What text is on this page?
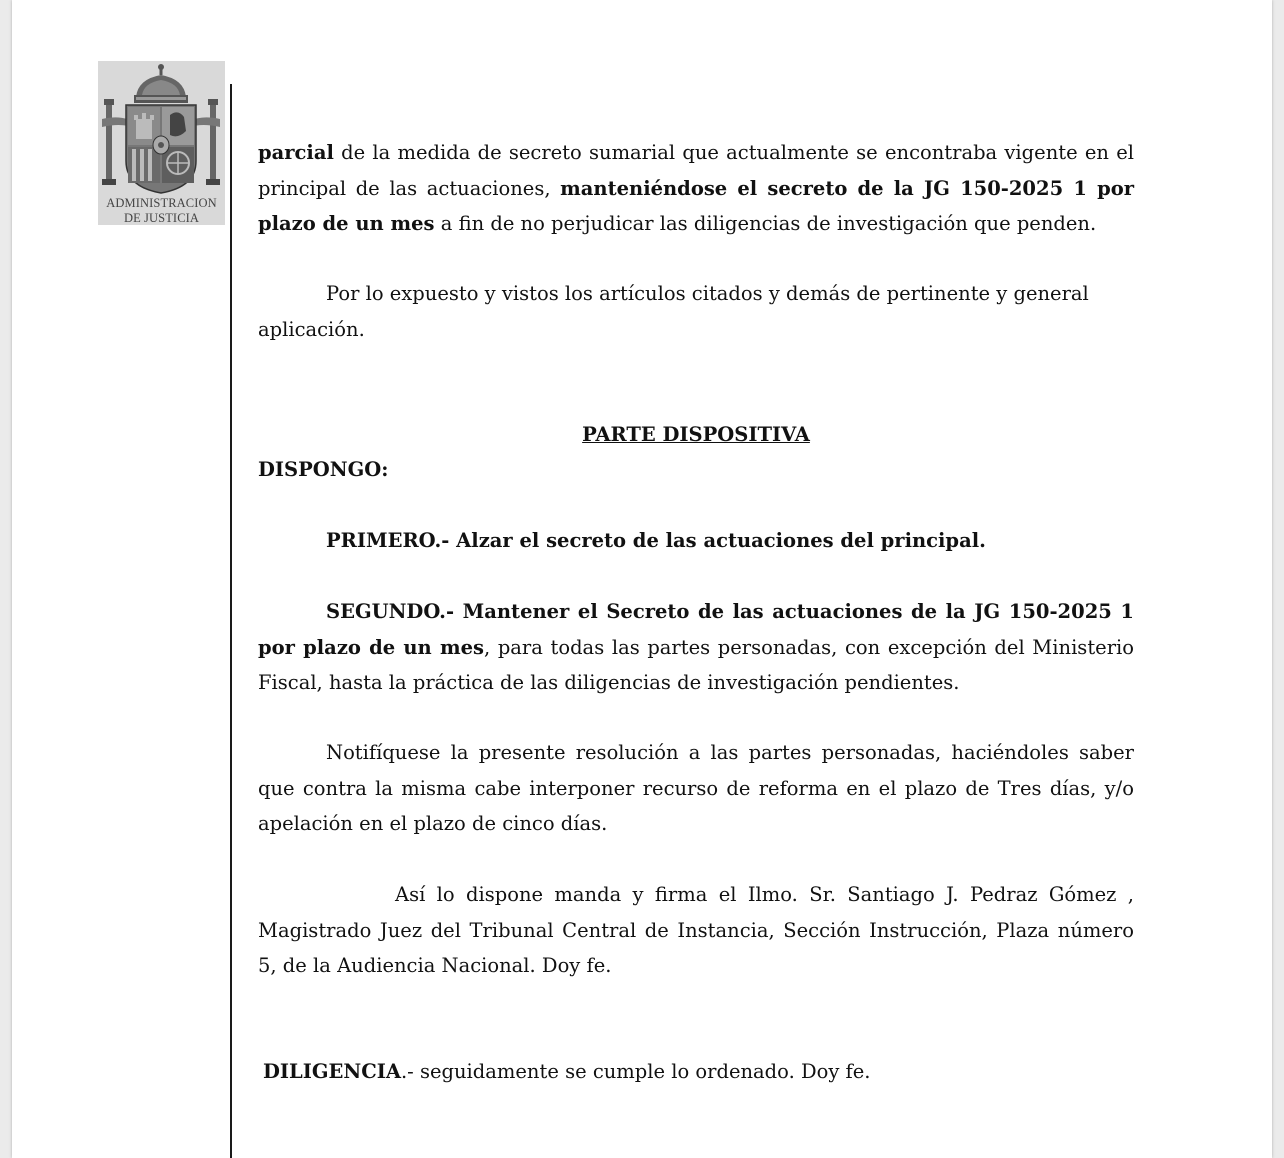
ADMINISTRACION
DE JUSTICIA

parcial de la medida de secreto sumarial que actualmente se encontraba vigente en el principal de las actuaciones, manteniéndose el secreto de la JG 150-2025 1 por plazo de un mes a fin de no perjudicar las diligencias de investigación que penden.

Por lo expuesto y vistos los artículos citados y demás de pertinente y general aplicación.

PARTE DISPOSITIVA

DISPONGO:

PRIMERO.- Alzar el secreto de las actuaciones del principal.

SEGUNDO.- Mantener el Secreto de las actuaciones de la JG 150-2025 1 por plazo de un mes, para todas las partes personadas, con excepción del Ministerio Fiscal, hasta la práctica de las diligencias de investigación pendientes.

Notifíquese la presente resolución a las partes personadas, haciéndoles saber que contra la misma cabe interponer recurso de reforma en el plazo de Tres días, y/o apelación en el plazo de cinco días.

Así lo dispone manda y firma el Ilmo. Sr. Santiago J. Pedraz Gómez , Magistrado Juez del Tribunal Central de Instancia, Sección Instrucción, Plaza número 5, de la Audiencia Nacional. Doy fe.

DILIGENCIA.- seguidamente se cumple lo ordenado. Doy fe.
